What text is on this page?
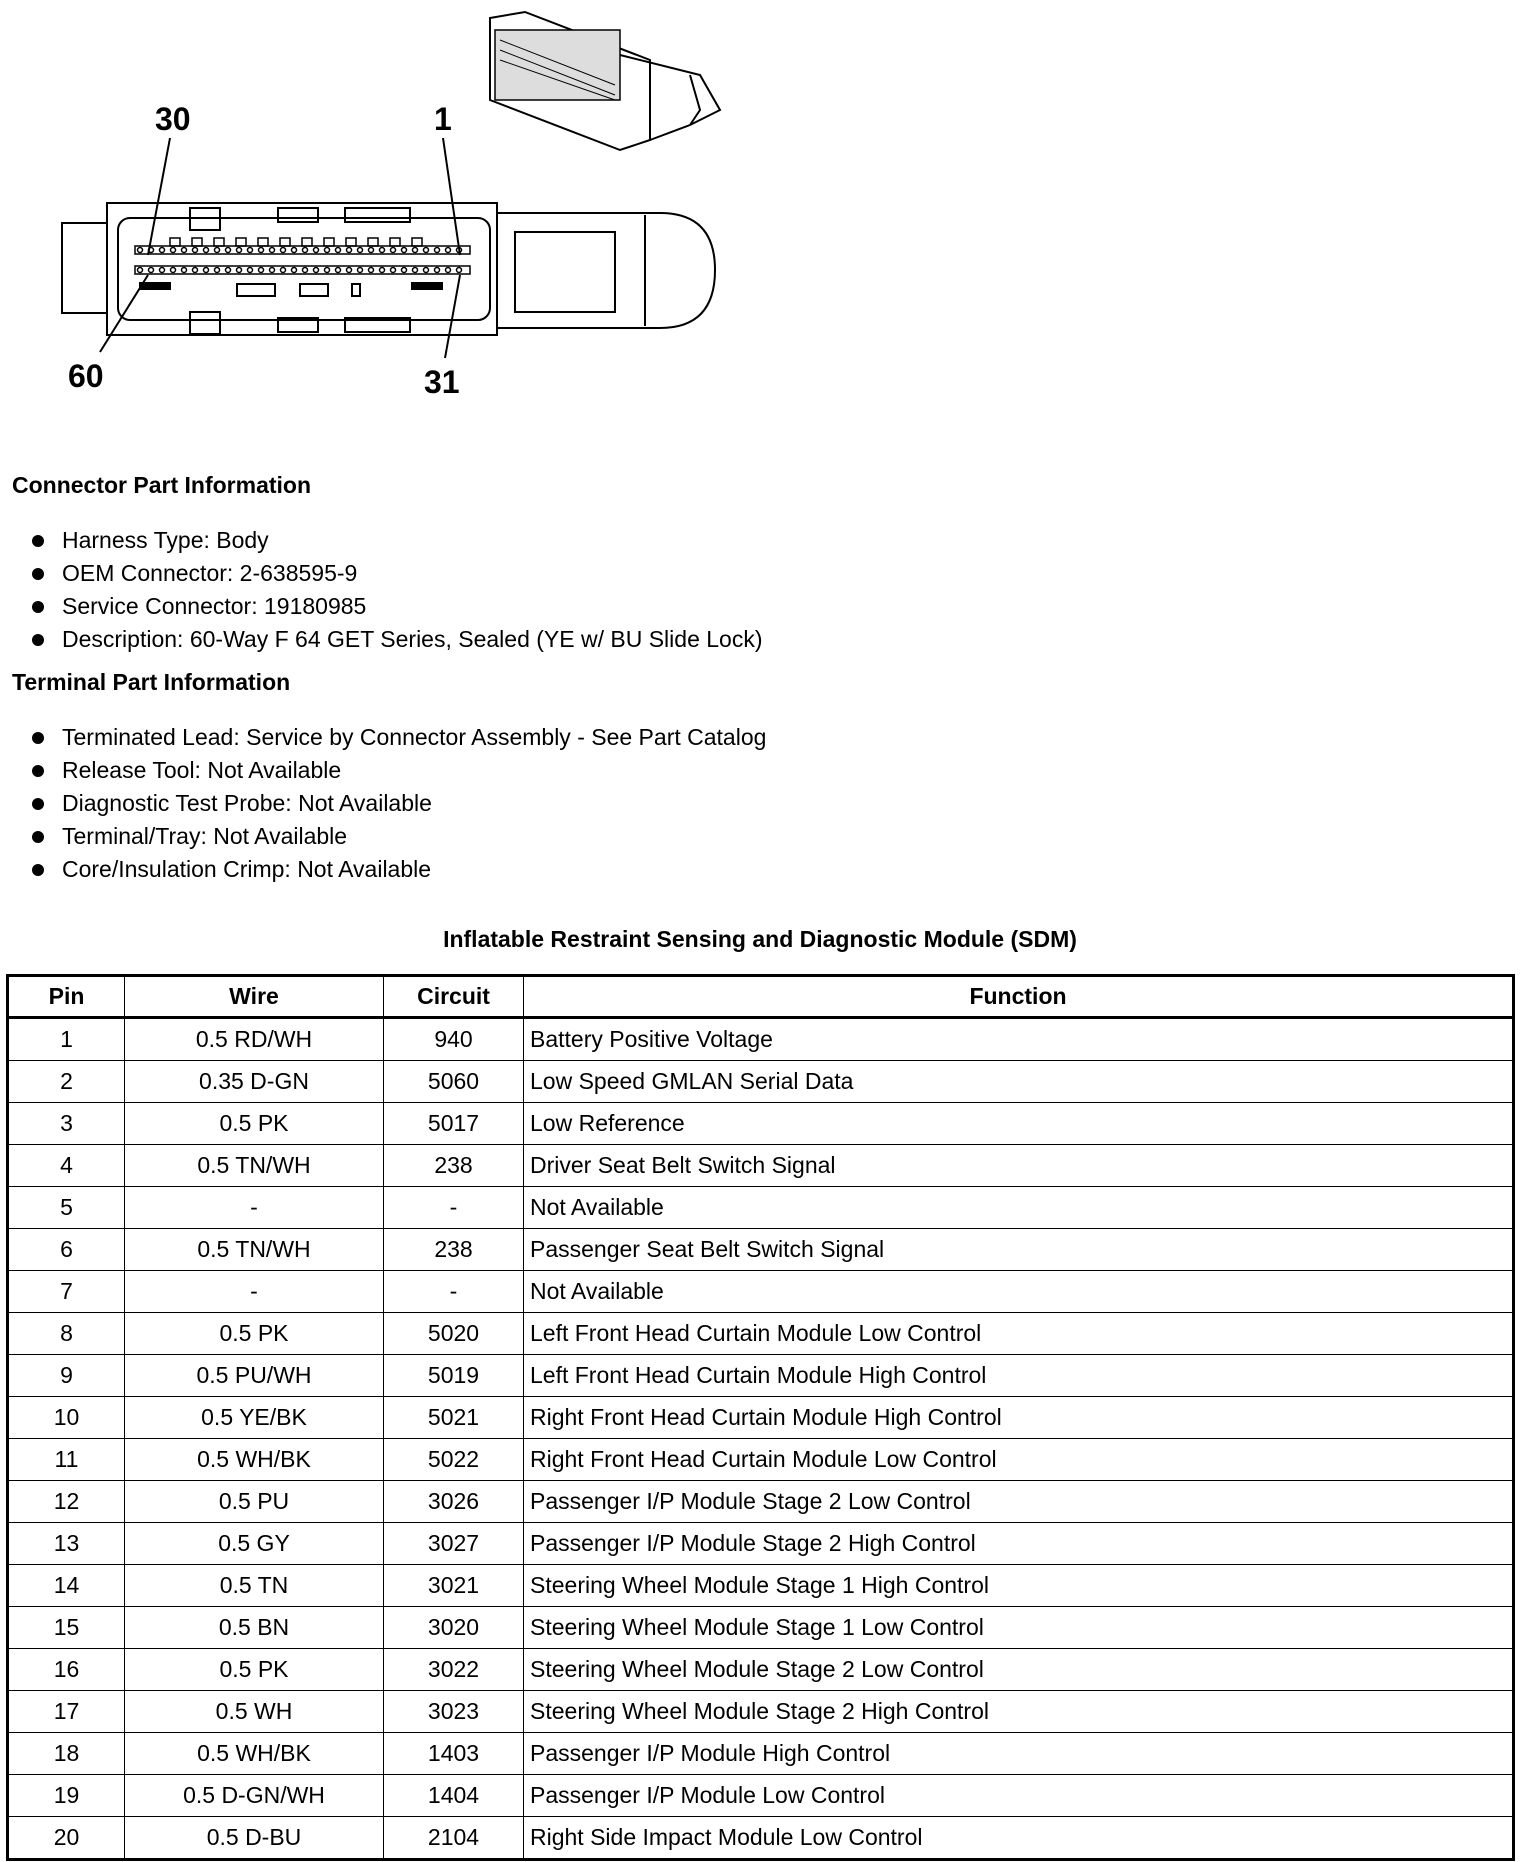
30	1
60	31
Connector Part Information
Harness Type: Body
OEM Connector: 2-638595-9
Service Connector: 19180985
Description: 60-Way F 64 GET Series, Sealed (YE w/ BU Slide Lock)
Terminal Part Information
Terminated Lead: Service by Connector Assembly - See Part Catalog
Release Tool: Not Available
Diagnostic Test Probe: Not Available
Terminal/Tray: Not Available
Core/Insulation Crimp: Not Available
Inflatable Restraint Sensing and Diagnostic Module (SDM)
Pin	Wire	Circuit	Function
1	0.5 RD/WH	940	Battery Positive Voltage
2	0.35 D-GN	5060	Low Speed GMLAN Serial Data
3	0.5 PK	5017	Low Reference
4	0.5 TN/WH	238	Driver Seat Belt Switch Signal
5	-	-	Not Available
6	0.5 TN/WH	238	Passenger Seat Belt Switch Signal
7	-	-	Not Available
8	0.5 PK	5020	Left Front Head Curtain Module Low Control
9	0.5 PU/WH	5019	Left Front Head Curtain Module High Control
10	0.5 YE/BK	5021	Right Front Head Curtain Module High Control
11	0.5 WH/BK	5022	Right Front Head Curtain Module Low Control
12	0.5 PU	3026	Passenger I/P Module Stage 2 Low Control
13	0.5 GY	3027	Passenger I/P Module Stage 2 High Control
14	0.5 TN	3021	Steering Wheel Module Stage 1 High Control
15	0.5 BN	3020	Steering Wheel Module Stage 1 Low Control
16	0.5 PK	3022	Steering Wheel Module Stage 2 Low Control
17	0.5 WH	3023	Steering Wheel Module Stage 2 High Control
18	0.5 WH/BK	1403	Passenger I/P Module High Control
19	0.5 D-GN/WH	1404	Passenger I/P Module Low Control
20	0.5 D-BU	2104	Right Side Impact Module Low Control
